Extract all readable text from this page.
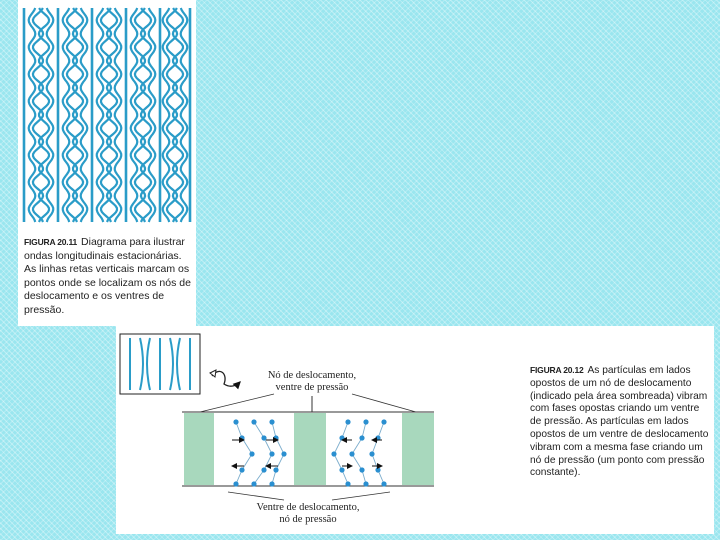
FIGURA 20.11 Diagrama para ilustrar ondas longitudinais estacionárias. As linhas retas verticais marcam os pontos onde se localizam os nós de deslocamento e os ventres de pressão.
Nó de deslocamento,
ventre de pressão
Ventre de deslocamento,
nó de pressão
FIGURA 20.12 As partículas em lados opostos de um nó de deslocamento (indicado pela área sombreada) vibram com fases opostas criando um ventre de pressão. As partículas em lados opostos de um ventre de deslocamento vibram com a mesma fase criando um nó de pressão (um ponto com pressão constante).
